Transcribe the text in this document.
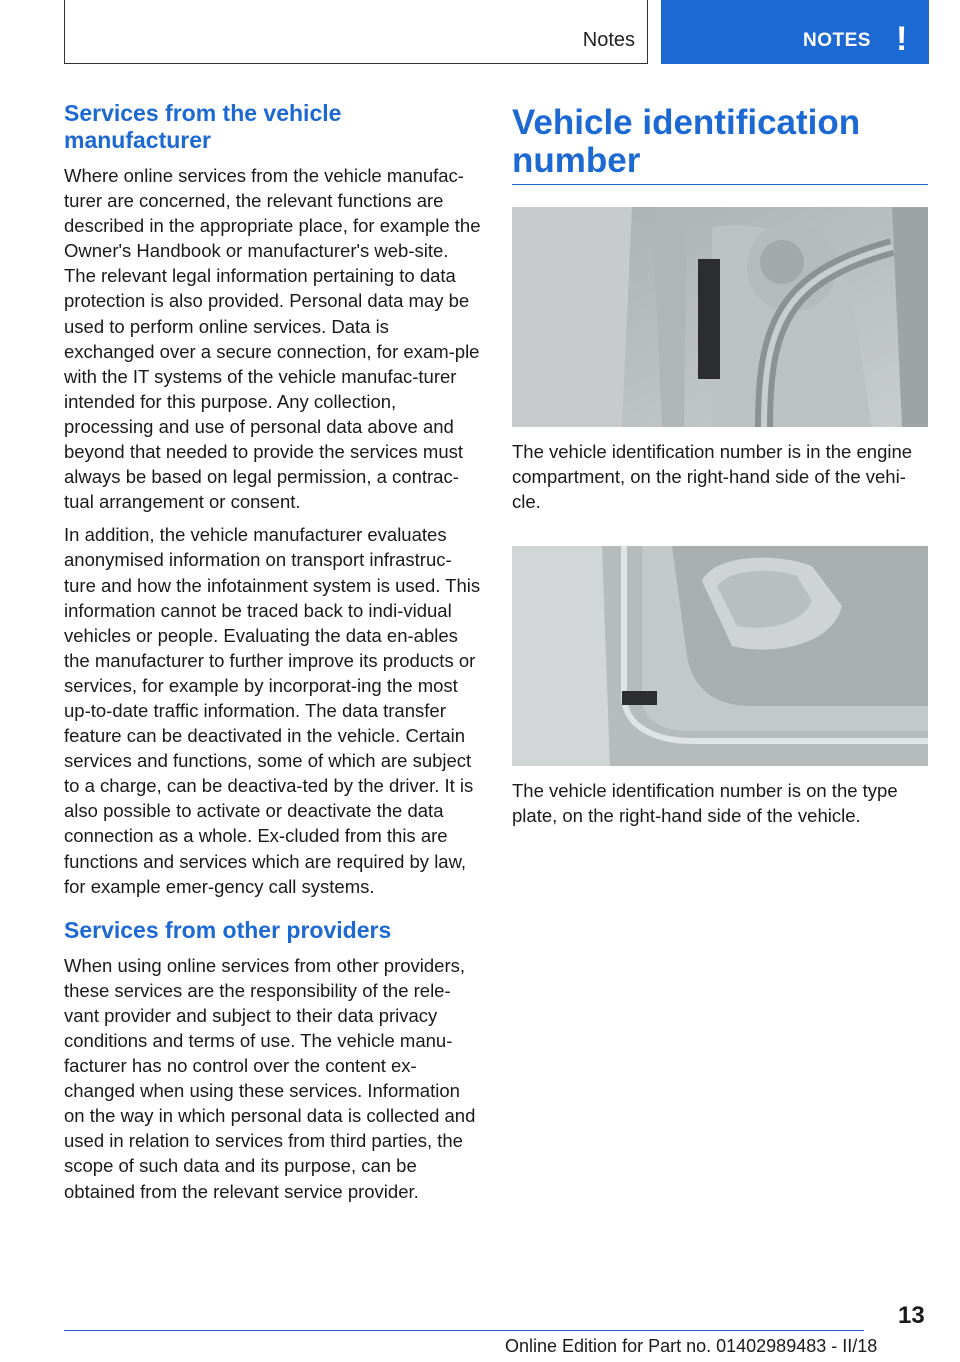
Notes	NOTES !
Services from the vehicle manufacturer

Where online services from the vehicle manufac-turer are concerned, the relevant functions are described in the appropriate place, for example the Owner's Handbook or manufacturer's web-site. The relevant legal information pertaining to data protection is also provided. Personal data may be used to perform online services. Data is exchanged over a secure connection, for exam-ple with the IT systems of the vehicle manufac-turer intended for this purpose. Any collection, processing and use of personal data above and beyond that needed to provide the services must always be based on legal permission, a contrac-tual arrangement or consent.

In addition, the vehicle manufacturer evaluates anonymised information on transport infrastruc-ture and how the infotainment system is used. This information cannot be traced back to indi-vidual vehicles or people. Evaluating the data en-ables the manufacturer to further improve its products or services, for example by incorporat-ing the most up-to-date traffic information. The data transfer feature can be deactivated in the vehicle. Certain services and functions, some of which are subject to a charge, can be deactiva-ted by the driver. It is also possible to activate or deactivate the data connection as a whole. Ex-cluded from this are functions and services which are required by law, for example emer-gency call systems.

Services from other providers

When using online services from other providers, these services are the responsibility of the rele-vant provider and subject to their data privacy conditions and terms of use. The vehicle manu-facturer has no control over the content ex-changed when using these services. Information on the way in which personal data is collected and used in relation to services from third parties, the scope of such data and its purpose, can be obtained from the relevant service provider.

Vehicle identification number

The vehicle identification number is in the engine compartment, on the right-hand side of the vehi-cle.

The vehicle identification number is on the type plate, on the right-hand side of the vehicle.

13
Online Edition for Part no. 01402989483 - II/18
